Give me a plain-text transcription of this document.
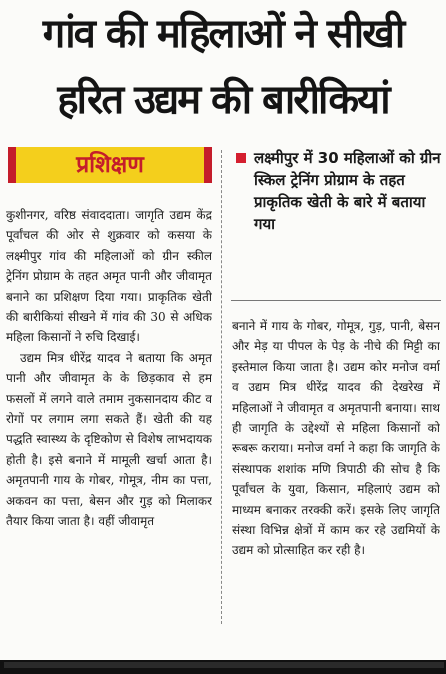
गांव की महिलाओं ने सीखी
हरित उद्यम की बारीकियां
प्रशिक्षण	लक्ष्मीपुर में 30 महिलाओं को ग्रीन स्किल ट्रेनिंग प्रोग्राम के तहत प्राकृतिक खेती के बारे में बताया गया

कुशीनगर, वरिष्ठ संवाददाता। जागृति उद्यम केंद्र पूर्वांचल की ओर से शुक्रवार को कसया के लक्ष्मीपुर गांव की महिलाओं को ग्रीन स्कील ट्रेनिंग प्रोग्राम के तहत अमृत पानी और जीवामृत बनाने का प्रशिक्षण दिया गया। प्राकृतिक खेती की बारीकियां सीखने में गांव की 30 से अधिक महिला किसानों ने रुचि दिखाई।

उद्यम मित्र धीरेंद्र यादव ने बताया कि अमृत पानी और जीवामृत के के छिड़काव से हम फसलों में लगने वाले तमाम नुकसानदाय कीट व रोगों पर लगाम लगा सकते हैं। खेती की यह पद्धति स्वास्थ्य के दृष्टिकोण से विशेष लाभदायक होती है। इसे बनाने में मामूली खर्चा आता है। अमृतपानी गाय के गोबर, गोमूत्र, नीम का पत्ता, अकवन का पत्ता, बेसन और गुड़ को मिलाकर तैयार किया जाता है। वहीं जीवामृत

बनाने में गाय के गोबर, गोमूत्र, गुड़, पानी, बेसन और मेड़ या पीपल के पेड़ के नीचे की मिट्टी का इस्तेमाल किया जाता है। उद्यम कोर मनोज वर्मा व उद्यम मित्र धीरेंद्र यादव की देखरेख में महिलाओं ने जीवामृत व अमृतपानी बनाया। साथ ही जागृति के उद्देश्यों से महिला किसानों को रूबरू कराया। मनोज वर्मा ने कहा कि जागृति के संस्थापक शशांक मणि त्रिपाठी की सोच है कि पूर्वांचल के युवा, किसान, महिलाएं उद्यम को माध्यम बनाकर तरक्की करें। इसके लिए जागृति संस्था विभिन्न क्षेत्रों में काम कर रहे उद्यमियों के उद्यम को प्रोत्साहित कर रही है।
